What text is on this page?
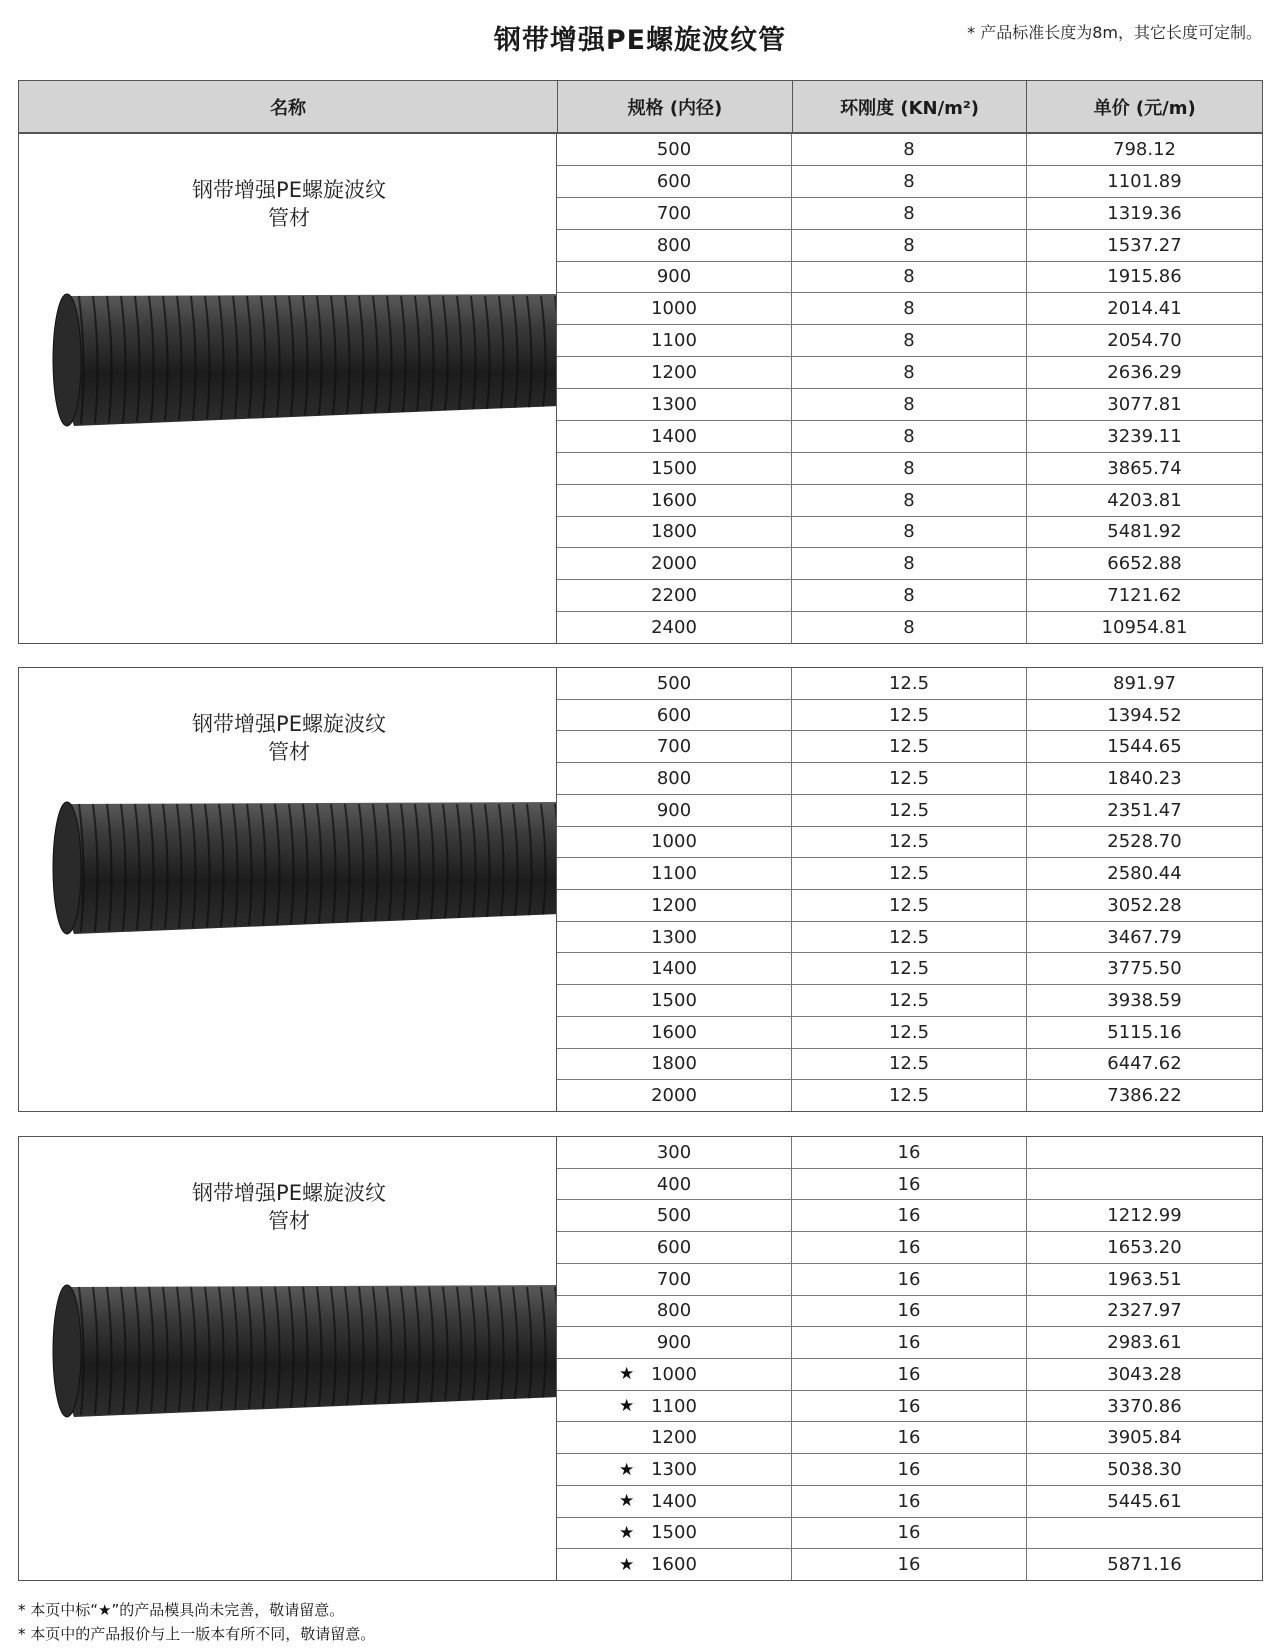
钢带增强PE螺旋波纹管	* 产品标准长度为8m，其它长度可定制。
名称	规格 (内径)	环刚度 (KN/m²)	单价 (元/m)
钢带增强PE螺旋波纹
管材
500	8	798.12
600	8	1101.89
700	8	1319.36
800	8	1537.27
900	8	1915.86
1000	8	2014.41
1100	8	2054.70
1200	8	2636.29
1300	8	3077.81
1400	8	3239.11
1500	8	3865.74
1600	8	4203.81
1800	8	5481.92
2000	8	6652.88
2200	8	7121.62
2400	8	10954.81
钢带增强PE螺旋波纹
管材
500	12.5	891.97
600	12.5	1394.52
700	12.5	1544.65
800	12.5	1840.23
900	12.5	2351.47
1000	12.5	2528.70
1100	12.5	2580.44
1200	12.5	3052.28
1300	12.5	3467.79
1400	12.5	3775.50
1500	12.5	3938.59
1600	12.5	5115.16
1800	12.5	6447.62
2000	12.5	7386.22
钢带增强PE螺旋波纹
管材
300	16
400	16
500	16	1212.99
600	16	1653.20
700	16	1963.51
800	16	2327.97
900	16	2983.61
★ 1000	16	3043.28
★ 1100	16	3370.86
1200	16	3905.84
★ 1300	16	5038.30
★ 1400	16	5445.61
★ 1500	16
★ 1600	16	5871.16
* 本页中标“★”的产品模具尚未完善，敬请留意。
* 本页中的产品报价与上一版本有所不同，敬请留意。
